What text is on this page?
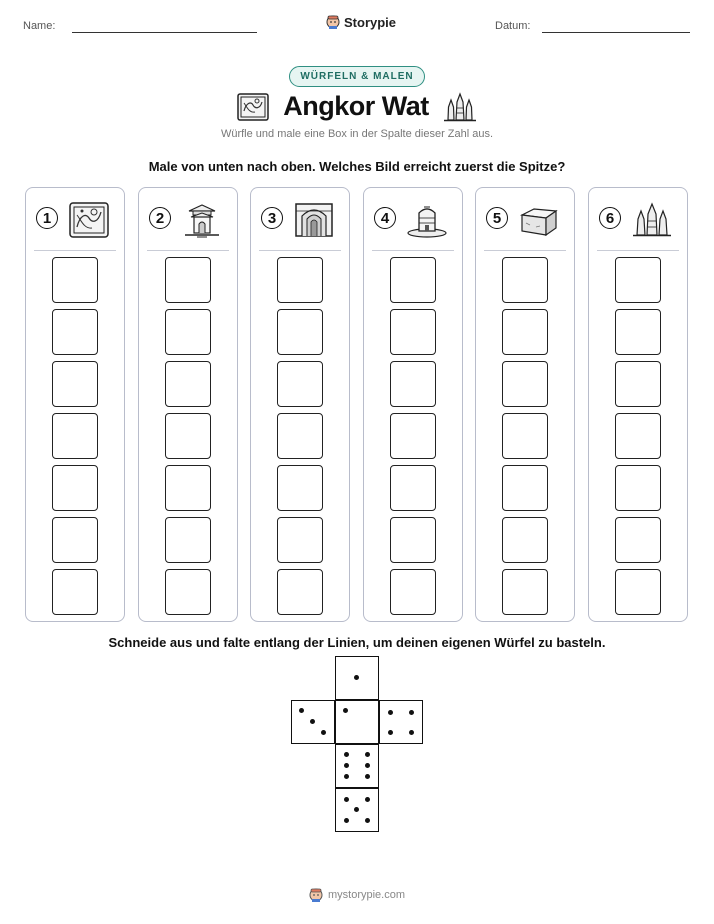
Name:	Storypie	Datum:
WÜRFELN & MALEN
Angkor Wat
Würfle und male eine Box in der Spalte dieser Zahl aus.
Male von unten nach oben. Welches Bild erreicht zuerst die Spitze?
1	2	3	4	5	6
Schneide aus und falte entlang der Linien, um deinen eigenen Würfel zu basteln.
mystorypie.com
